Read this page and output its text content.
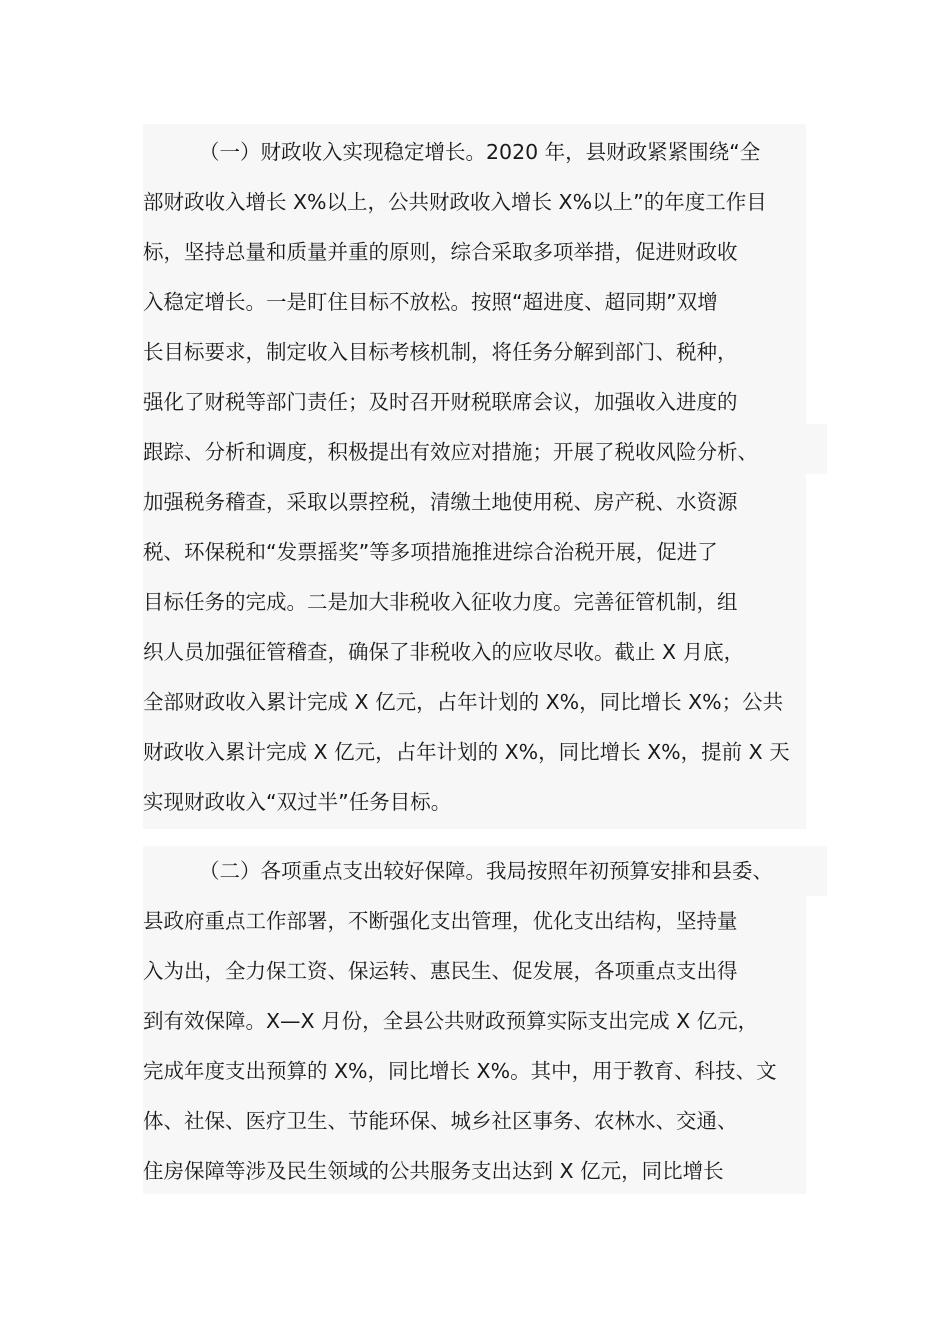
（一）财政收入实现稳定增长。2020 年，县财政紧紧围绕“全
部财政收入增长 X%以上，公共财政收入增长 X%以上”的年度工作目
标，坚持总量和质量并重的原则，综合采取多项举措，促进财政收
入稳定增长。一是盯住目标不放松。按照“超进度、超同期”双增
长目标要求，制定收入目标考核机制，将任务分解到部门、税种，
强化了财税等部门责任；及时召开财税联席会议，加强收入进度的
跟踪、分析和调度，积极提出有效应对措施；开展了税收风险分析、
加强税务稽查，采取以票控税，清缴土地使用税、房产税、水资源
税、环保税和“发票摇奖”等多项措施推进综合治税开展，促进了
目标任务的完成。二是加大非税收入征收力度。完善征管机制，组
织人员加强征管稽查，确保了非税收入的应收尽收。截止 X 月底，
全部财政收入累计完成 X 亿元，占年计划的 X%，同比增长 X%；公共
财政收入累计完成 X 亿元，占年计划的 X%，同比增长 X%，提前 X 天
实现财政收入“双过半”任务目标。
（二）各项重点支出较好保障。我局按照年初预算安排和县委、
县政府重点工作部署，不断强化支出管理，优化支出结构，坚持量
入为出，全力保工资、保运转、惠民生、促发展，各项重点支出得
到有效保障。X—X 月份，全县公共财政预算实际支出完成 X 亿元，
完成年度支出预算的 X%，同比增长 X%。其中，用于教育、科技、文
体、社保、医疗卫生、节能环保、城乡社区事务、农林水、交通、
住房保障等涉及民生领域的公共服务支出达到 X 亿元，同比增长
